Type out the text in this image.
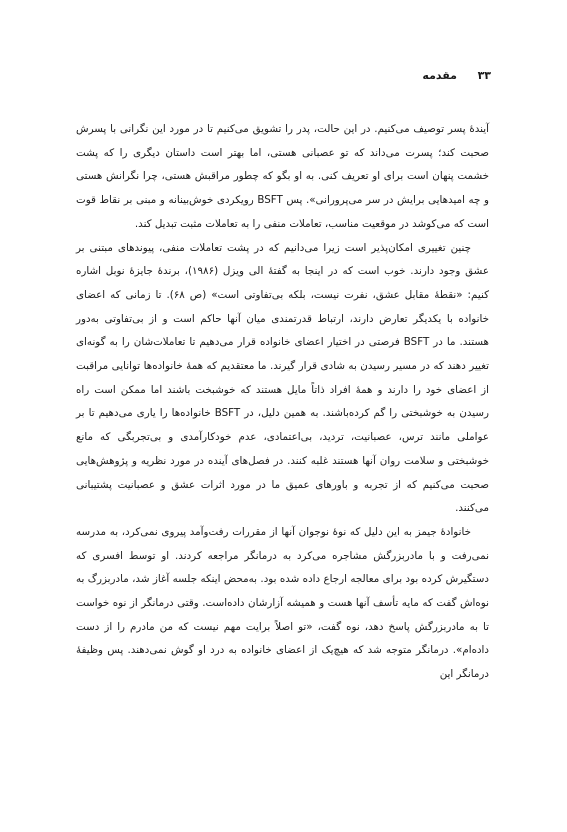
۳۳
مقدمه

آیندهٔ پسر توصیف می‌کنیم. در این حالت، پدر را تشویق می‌کنیم تا در مورد این نگرانی با پسرش صحبت کند؛ پسرت می‌داند که تو عصبانی هستی، اما بهتر است داستان دیگری را که پشت خشمت پنهان است برای او تعریف کنی. به او بگو که چطور مراقبش هستی، چرا نگرانش هستی و چه امیدهایی برایش در سر می‌پرورانی». پس BSFT رویکردی خوش‌بینانه و مبنی بر نقاط قوت است که می‌کوشد در موقعیت مناسب، تعاملات منفی را به تعاملات مثبت تبدیل کند.

چنین تغییری امکان‌پذیر است زیرا می‌دانیم که در پشت تعاملات منفی، پیوندهای مبتنی بر عشق وجود دارند. خوب است که در اینجا به گفتهٔ الی ویزل (۱۹۸۶)، برندهٔ جایزهٔ نوبل اشاره کنیم: «نقطهٔ مقابل عشق، نفرت نیست، بلکه بی‌تفاوتی است» (ص ۶۸). تا زمانی که اعضای خانواده با یکدیگر تعارض دارند، ارتباط قدرتمندی میان آنها حاکم است و از بی‌تفاوتی به‌دور هستند. ما در BSFT فرصتی در اختیار اعضای خانواده قرار می‌دهیم تا تعاملات‌شان را به گونه‌ای تغییر دهند که در مسیر رسیدن به شادی قرار گیرند. ما معتقدیم که همهٔ خانواده‌ها توانایی مراقبت از اعضای خود را دارند و همهٔ افراد ذاتاً مایل هستند که خوشبخت باشند اما ممکن است راه رسیدن به خوشبختی را گم کرده‌باشند. به همین دلیل، در BSFT خانواده‌ها را یاری می‌دهیم تا بر عواملی مانند ترس، عصبانیت، تردید، بی‌اعتمادی، عدم خودکارآمدی و بی‌تجربگی که مانع خوشبختی و سلامت روان آنها هستند غلبه کنند. در فصل‌های آینده در مورد نظریه و پژوهش‌هایی صحبت می‌کنیم که از تجربه و باورهای عمیق ما در مورد اثرات عشق و عصبانیت پشتیبانی می‌کنند.

خانوادهٔ جیمز به این دلیل که نوهٔ نوجوان آنها از مقررات رفت‌وآمد پیروی نمی‌کرد، به مدرسه نمی‌رفت و با مادربزرگش مشاجره می‌کرد به درمانگر مراجعه کردند. او توسط افسری که دستگیرش کرده بود برای معالجه ارجاع داده شده بود. به‌محض اینکه جلسه آغاز شد، مادربزرگ به نوه‌اش گفت که مایه تأسف آنها هست و همیشه آزارشان داده‌است. وقتی درمانگر از نوه خواست تا به مادربزرگش پاسخ دهد، نوه گفت، «تو اصلاً برایت مهم نیست که من مادرم را از دست داده‌ام». درمانگر متوجه شد که هیچ‌یک از اعضای خانواده به درد او گوش نمی‌دهند. پس وظیفهٔ درمانگر این
